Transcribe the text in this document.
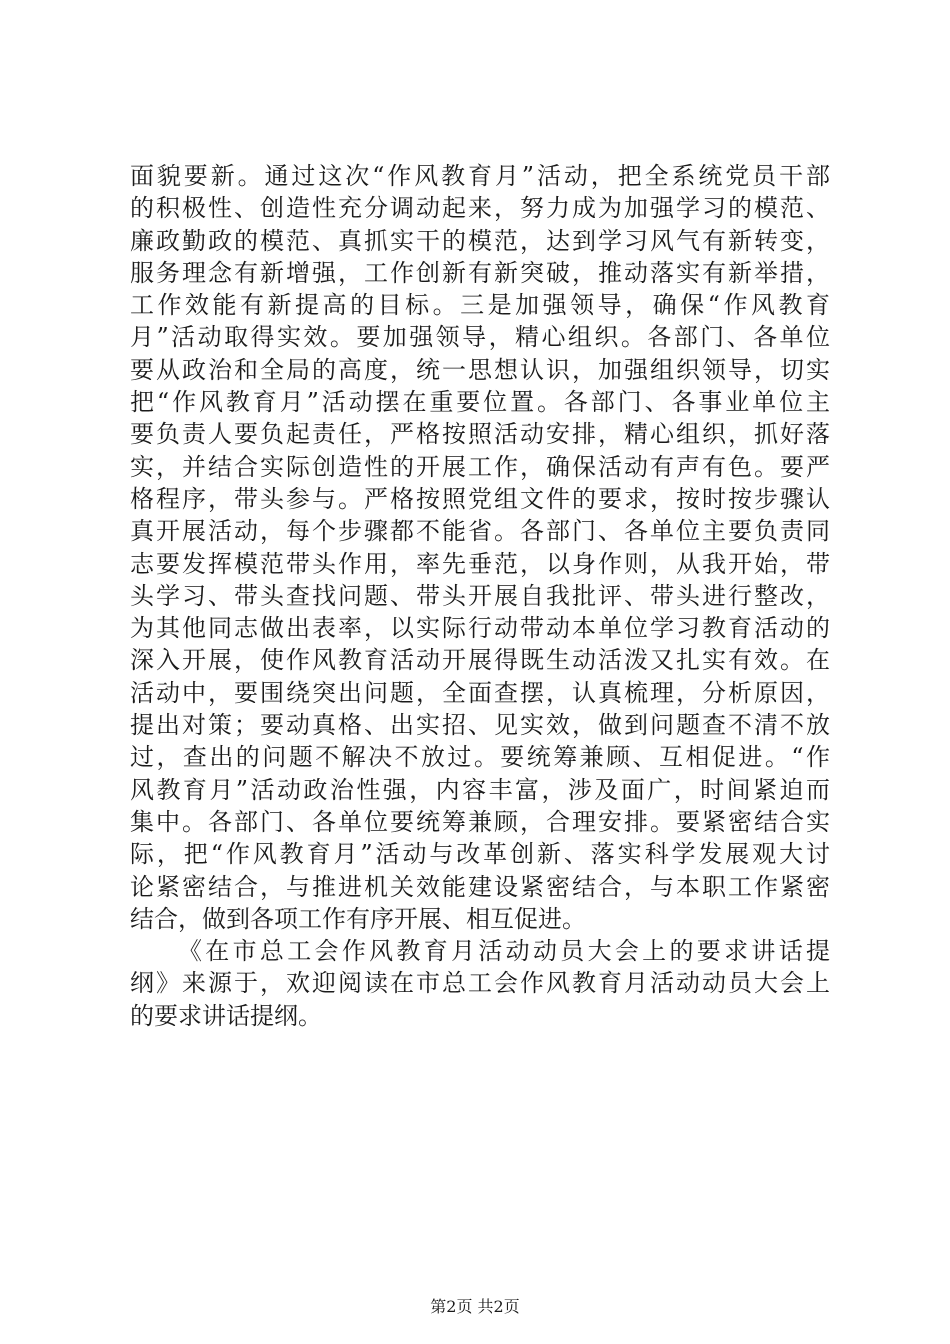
面貌要新。通过这次“作风教育月”活动，把全系统党员干部
的积极性、创造性充分调动起来，努力成为加强学习的模范、
廉政勤政的模范、真抓实干的模范，达到学习风气有新转变，
服务理念有新增强，工作创新有新突破，推动落实有新举措，
工作效能有新提高的目标。三是加强领导，确保“作风教育
月”活动取得实效。要加强领导，精心组织。各部门、各单位
要从政治和全局的高度，统一思想认识，加强组织领导，切实
把“作风教育月”活动摆在重要位置。各部门、各事业单位主
要负责人要负起责任，严格按照活动安排，精心组织，抓好落
实，并结合实际创造性的开展工作，确保活动有声有色。要严
格程序，带头参与。严格按照党组文件的要求，按时按步骤认
真开展活动，每个步骤都不能省。各部门、各单位主要负责同
志要发挥模范带头作用，率先垂范，以身作则，从我开始，带
头学习、带头查找问题、带头开展自我批评、带头进行整改，
为其他同志做出表率，以实际行动带动本单位学习教育活动的
深入开展，使作风教育活动开展得既生动活泼又扎实有效。在
活动中，要围绕突出问题，全面查摆，认真梳理，分析原因，
提出对策；要动真格、出实招、见实效，做到问题查不清不放
过，查出的问题不解决不放过。要统筹兼顾、互相促进。“作
风教育月”活动政治性强，内容丰富，涉及面广，时间紧迫而
集中。各部门、各单位要统筹兼顾，合理安排。要紧密结合实
际，把“作风教育月”活动与改革创新、落实科学发展观大讨
论紧密结合，与推进机关效能建设紧密结合，与本职工作紧密
结合，做到各项工作有序开展、相互促进。
《在市总工会作风教育月活动动员大会上的要求讲话提
纲》来源于，欢迎阅读在市总工会作风教育月活动动员大会上
的要求讲话提纲。
第2页 共2页
